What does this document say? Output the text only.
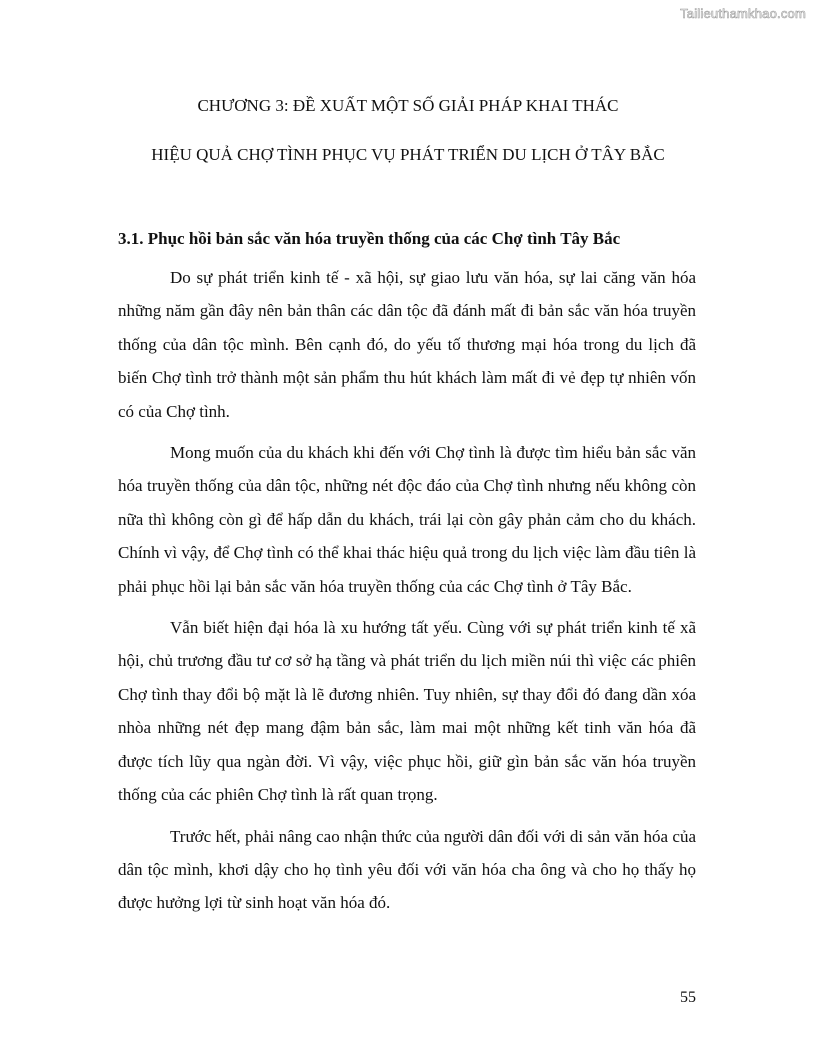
Tailieuthamkhao.com
CHƯƠNG 3: ĐỀ XUẤT MỘT SỐ GIẢI PHÁP KHAI THÁC
HIỆU QUẢ CHỢ TÌNH PHỤC VỤ PHÁT TRIỂN DU LỊCH Ở TÂY BẮC
3.1. Phục hồi bản sắc văn hóa truyền thống của các Chợ tình Tây Bắc

Do sự phát triển kinh tế - xã hội, sự giao lưu văn hóa, sự lai căng văn hóa những năm gần đây nên bản thân các dân tộc đã đánh mất đi bản sắc văn hóa truyền thống của dân tộc mình. Bên cạnh đó, do yếu tố thương mại hóa trong du lịch đã biến Chợ tình trở thành một sản phẩm thu hút khách làm mất đi vẻ đẹp tự nhiên vốn có của Chợ tình.

Mong muốn của du khách khi đến với Chợ tình là được tìm hiểu bản sắc văn hóa truyền thống của dân tộc, những nét độc đáo của Chợ tình nhưng nếu không còn nữa thì không còn gì để hấp dẫn du khách, trái lại còn gây phản cảm cho du khách. Chính vì vậy, để Chợ tình có thể khai thác hiệu quả trong du lịch việc làm đầu tiên là phải phục hồi lại bản sắc văn hóa truyền thống của các Chợ tình ở Tây Bắc.

Vẫn biết hiện đại hóa là xu hướng tất yếu. Cùng với sự phát triển kinh tế xã hội, chủ trương đầu tư cơ sở hạ tầng và phát triển du lịch miền núi thì việc các phiên Chợ tình thay đổi bộ mặt là lẽ đương nhiên. Tuy nhiên, sự thay đổi đó đang dần xóa nhòa những nét đẹp mang đậm bản sắc, làm mai một những kết tinh văn hóa đã được tích lũy qua ngàn đời. Vì vậy, việc phục hồi, giữ gìn bản sắc văn hóa truyền thống của các phiên Chợ tình là rất quan trọng.

Trước hết, phải nâng cao nhận thức của người dân đối với di sản văn hóa của dân tộc mình, khơi dậy cho họ tình yêu đối với văn hóa cha ông và cho họ thấy họ được hưởng lợi từ sinh hoạt văn hóa đó.

55
